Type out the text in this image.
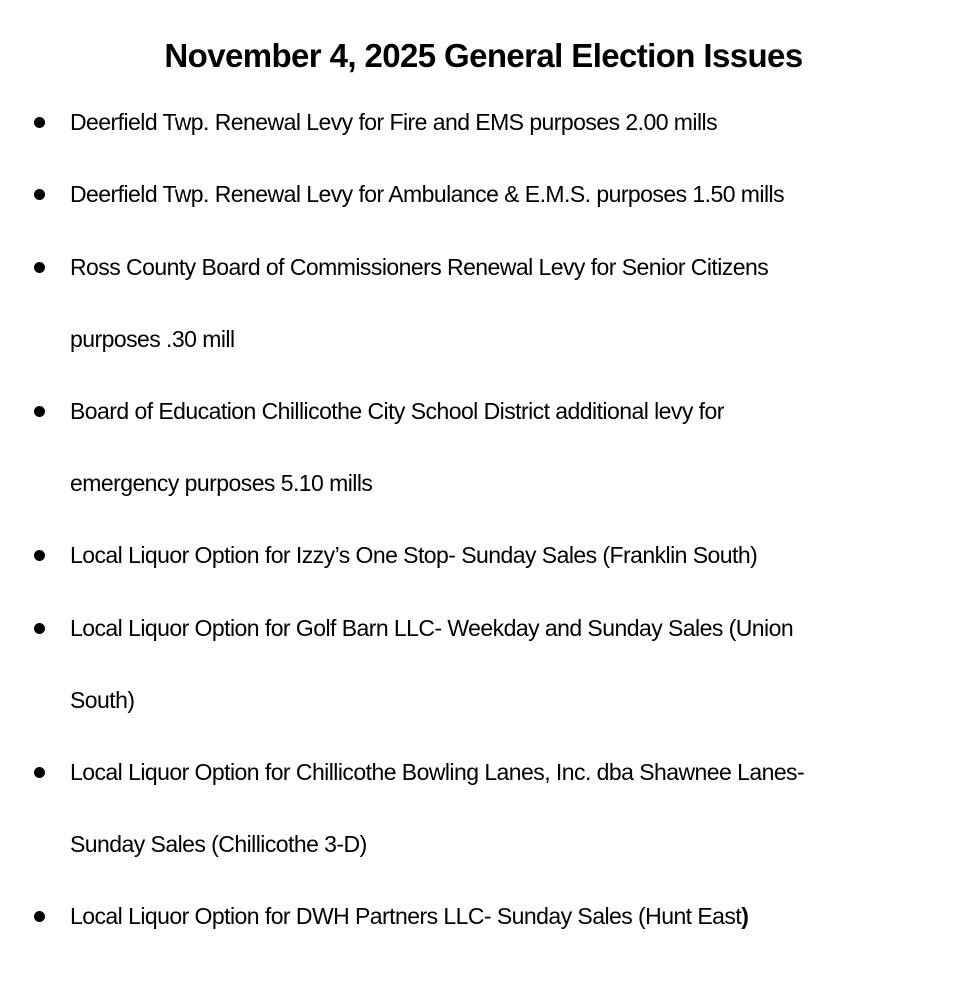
November 4, 2025 General Election Issues
Deerfield Twp. Renewal Levy for Fire and EMS purposes 2.00 mills
Deerfield Twp. Renewal Levy for Ambulance & E.M.S. purposes 1.50 mills
Ross County Board of Commissioners Renewal Levy for Senior Citizens
purposes .30 mill
Board of Education Chillicothe City School District additional levy for
emergency purposes 5.10 mills
Local Liquor Option for Izzy’s One Stop- Sunday Sales (Franklin South)
Local Liquor Option for Golf Barn LLC- Weekday and Sunday Sales (Union
South)
Local Liquor Option for Chillicothe Bowling Lanes, Inc. dba Shawnee Lanes-
Sunday Sales (Chillicothe 3-D)
Local Liquor Option for DWH Partners LLC- Sunday Sales (Hunt East)
